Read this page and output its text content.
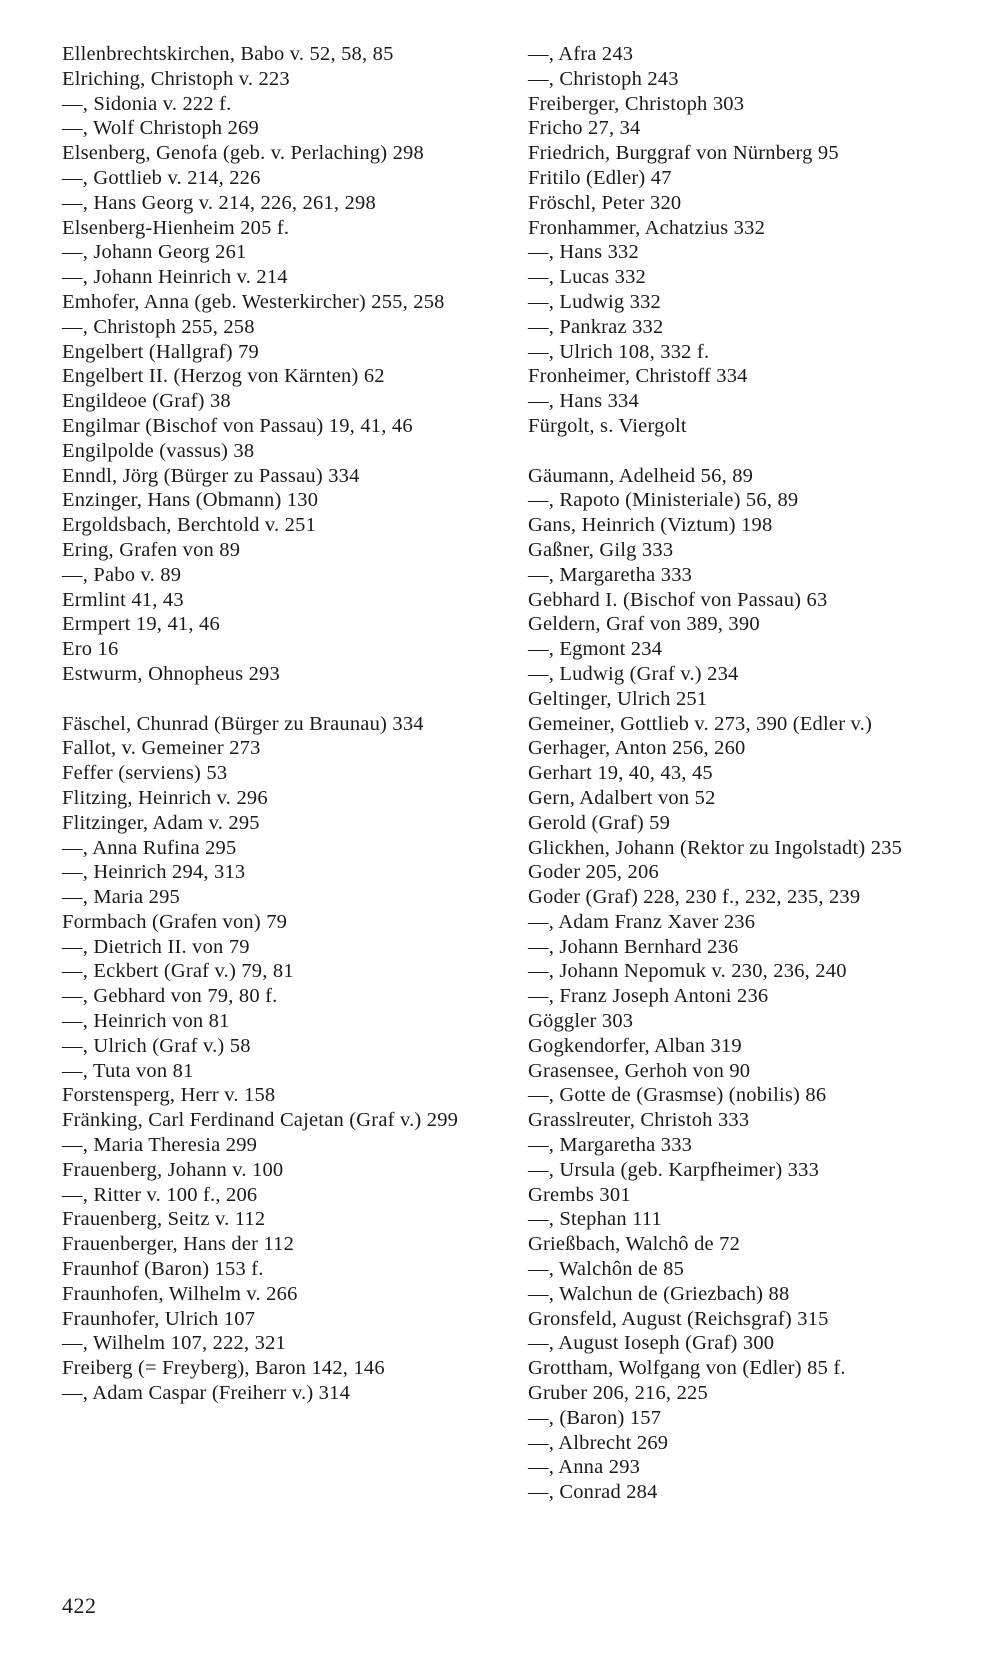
Ellenbrechtskirchen, Babo v. 52, 58, 85
Elriching, Christoph v. 223
—, Sidonia v. 222 f.
—, Wolf Christoph 269
Elsenberg, Genofa (geb. v. Perlaching) 298
—, Gottlieb v. 214, 226
—, Hans Georg v. 214, 226, 261, 298
Elsenberg-Hienheim 205 f.
—, Johann Georg 261
—, Johann Heinrich v. 214
Emhofer, Anna (geb. Westerkircher) 255, 258
—, Christoph 255, 258
Engelbert (Hallgraf) 79
Engelbert II. (Herzog von Kärnten) 62
Engildeoe (Graf) 38
Engilmar (Bischof von Passau) 19, 41, 46
Engilpolde (vassus) 38
Enndl, Jörg (Bürger zu Passau) 334
Enzinger, Hans (Obmann) 130
Ergoldsbach, Berchtold v. 251
Ering, Grafen von 89
—, Pabo v. 89
Ermlint 41, 43
Ermpert 19, 41, 46
Ero 16
Estwurm, Ohnopheus 293
Fäschel, Chunrad (Bürger zu Braunau) 334
Fallot, v. Gemeiner 273
Feffer (serviens) 53
Flitzing, Heinrich v. 296
Flitzinger, Adam v. 295
—, Anna Rufina 295
—, Heinrich 294, 313
—, Maria 295
Formbach (Grafen von) 79
—, Dietrich II. von 79
—, Eckbert (Graf v.) 79, 81
—, Gebhard von 79, 80 f.
—, Heinrich von 81
—, Ulrich (Graf v.) 58
—, Tuta von 81
Forstensperg, Herr v. 158
Fränking, Carl Ferdinand Cajetan (Graf v.) 299
—, Maria Theresia 299
Frauenberg, Johann v. 100
—, Ritter v. 100 f., 206
Frauenberg, Seitz v. 112
Frauenberger, Hans der 112
Fraunhof (Baron) 153 f.
Fraunhofen, Wilhelm v. 266
Fraunhofer, Ulrich 107
—, Wilhelm 107, 222, 321
Freiberg (= Freyberg), Baron 142, 146
—, Adam Caspar (Freiherr v.) 314
—, Afra 243
—, Christoph 243
Freiberger, Christoph 303
Fricho 27, 34
Friedrich, Burggraf von Nürnberg 95
Fritilo (Edler) 47
Fröschl, Peter 320
Fronhammer, Achatzius 332
—, Hans 332
—, Lucas 332
—, Ludwig 332
—, Pankraz 332
—, Ulrich 108, 332 f.
Fronheimer, Christoff 334
—, Hans 334
Fürgolt, s. Viergolt
Gäumann, Adelheid 56, 89
—, Rapoto (Ministeriale) 56, 89
Gans, Heinrich (Viztum) 198
Gaßner, Gilg 333
—, Margaretha 333
Gebhard I. (Bischof von Passau) 63
Geldern, Graf von 389, 390
—, Egmont 234
—, Ludwig (Graf v.) 234
Geltinger, Ulrich 251
Gemeiner, Gottlieb v. 273, 390 (Edler v.)
Gerhager, Anton 256, 260
Gerhart 19, 40, 43, 45
Gern, Adalbert von 52
Gerold (Graf) 59
Glickhen, Johann (Rektor zu Ingolstadt) 235
Goder 205, 206
Goder (Graf) 228, 230 f., 232, 235, 239
—, Adam Franz Xaver 236
—, Johann Bernhard 236
—, Johann Nepomuk v. 230, 236, 240
—, Franz Joseph Antoni 236
Göggler 303
Gogkendorfer, Alban 319
Grasensee, Gerhoh von 90
—, Gotte de (Grasmse) (nobilis) 86
Grasslreuter, Christoh 333
—, Margaretha 333
—, Ursula (geb. Karpfheimer) 333
Grembs 301
—, Stephan 111
Grießbach, Walchô de 72
—, Walchôn de 85
—, Walchun de (Griezbach) 88
Gronsfeld, August (Reichsgraf) 315
—, August Ioseph (Graf) 300
Grottham, Wolfgang von (Edler) 85 f.
Gruber 206, 216, 225
—, (Baron) 157
—, Albrecht 269
—, Anna 293
—, Conrad 284
422
